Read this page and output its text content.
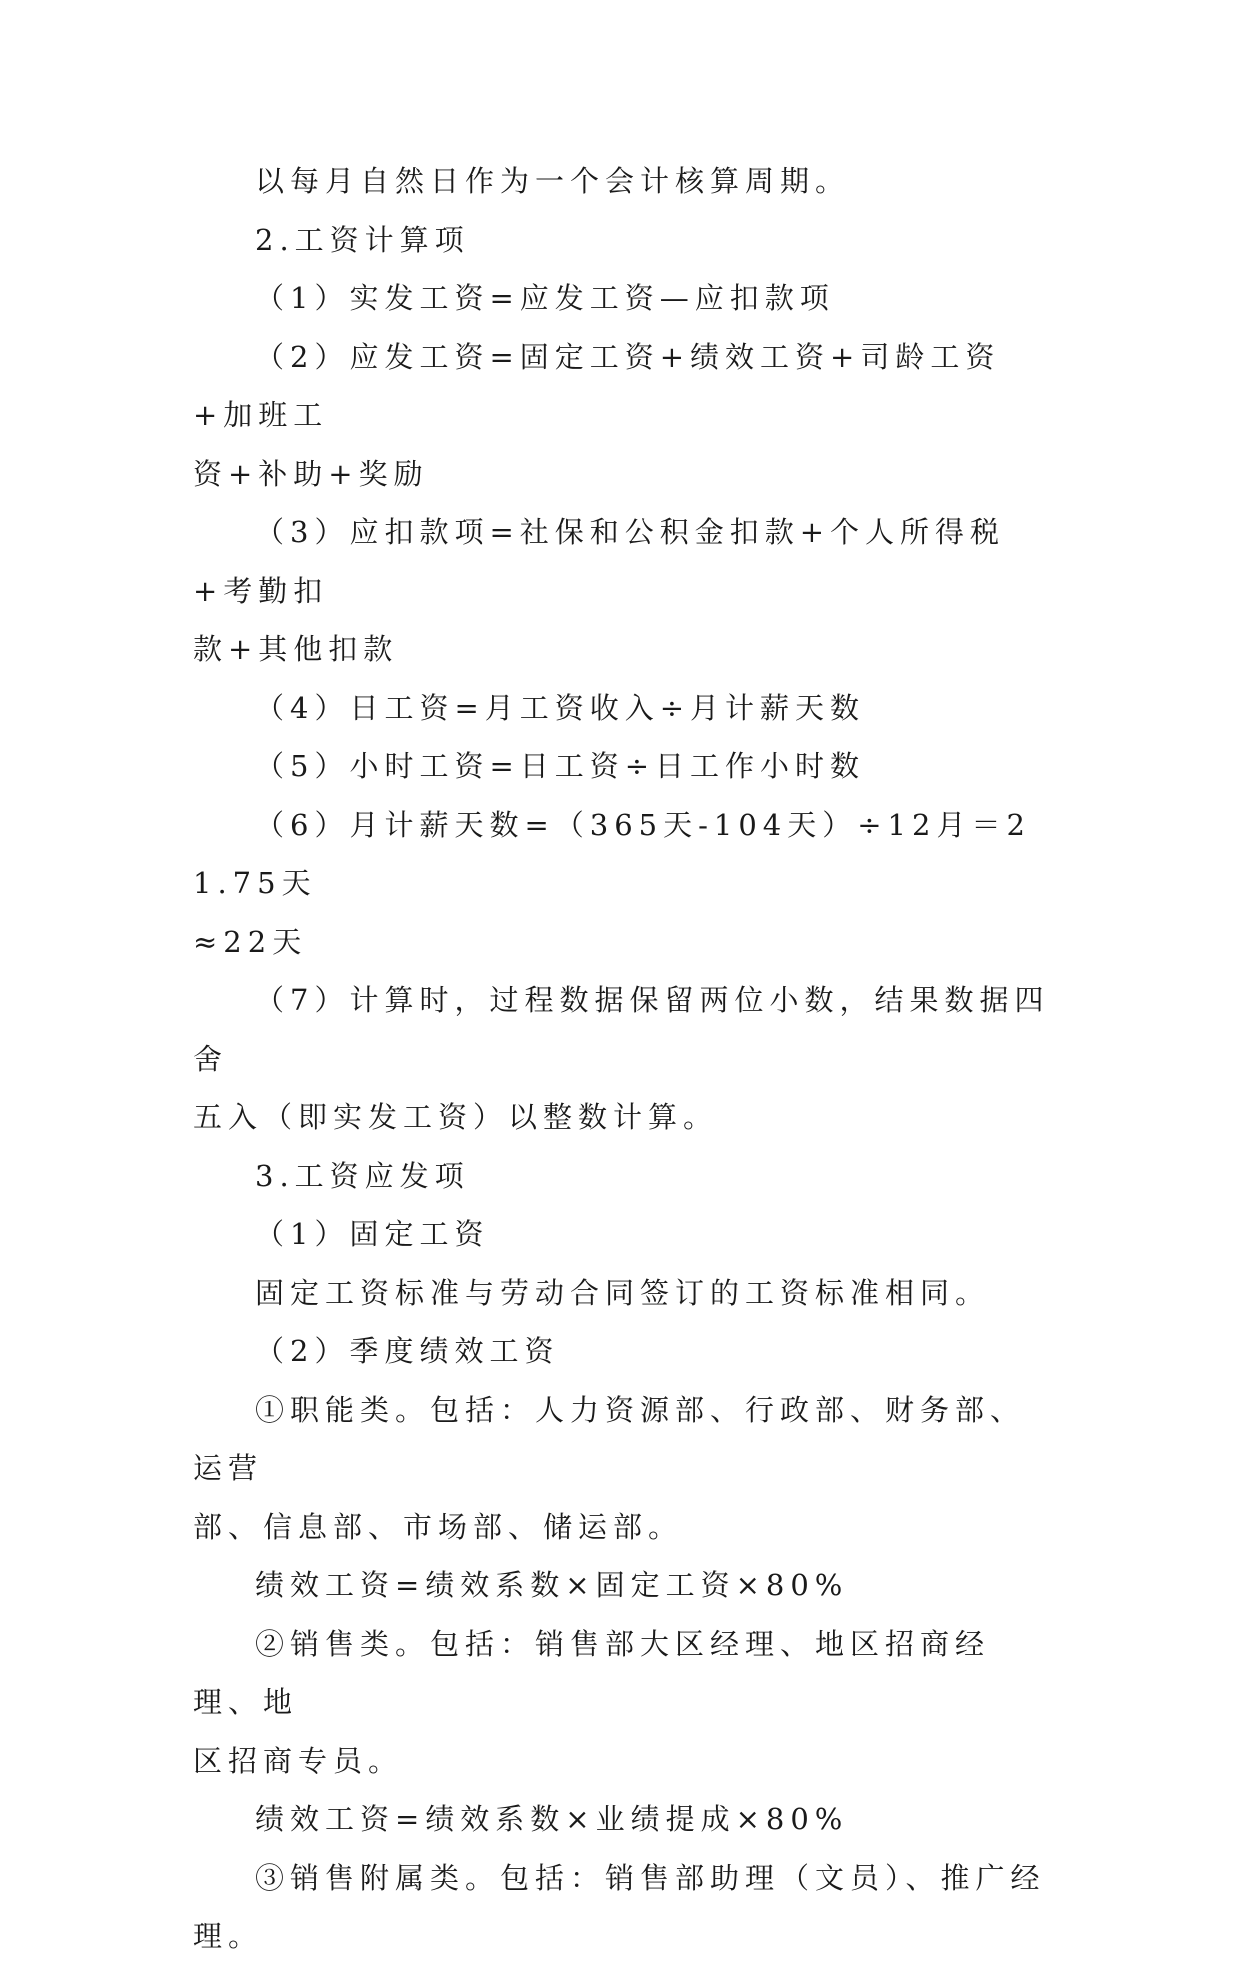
以每月自然日作为一个会计核算周期。

2.工资计算项

（1）实发工资=应发工资—应扣款项

（2）应发工资=固定工资+绩效工资+司龄工资+加班工
资+补助+奖励

（3）应扣款项=社保和公积金扣款+个人所得税+考勤扣
款+其他扣款

（4）日工资=月工资收入÷月计薪天数

（5）小时工资=日工资÷日工作小时数

（6）月计薪天数=（365天-104天）÷12月＝21.75天
≈22天

（7）计算时，过程数据保留两位小数，结果数据四舍
五入（即实发工资）以整数计算。

3.工资应发项

（1）固定工资

固定工资标准与劳动合同签订的工资标准相同。

（2）季度绩效工资

①职能类。包括：人力资源部、行政部、财务部、运营
部、信息部、市场部、储运部。

绩效工资=绩效系数×固定工资×80%

②销售类。包括：销售部大区经理、地区招商经理、地
区招商专员。

绩效工资=绩效系数×业绩提成×80%

③销售附属类。包括：销售部助理（文员）、推广经理。
